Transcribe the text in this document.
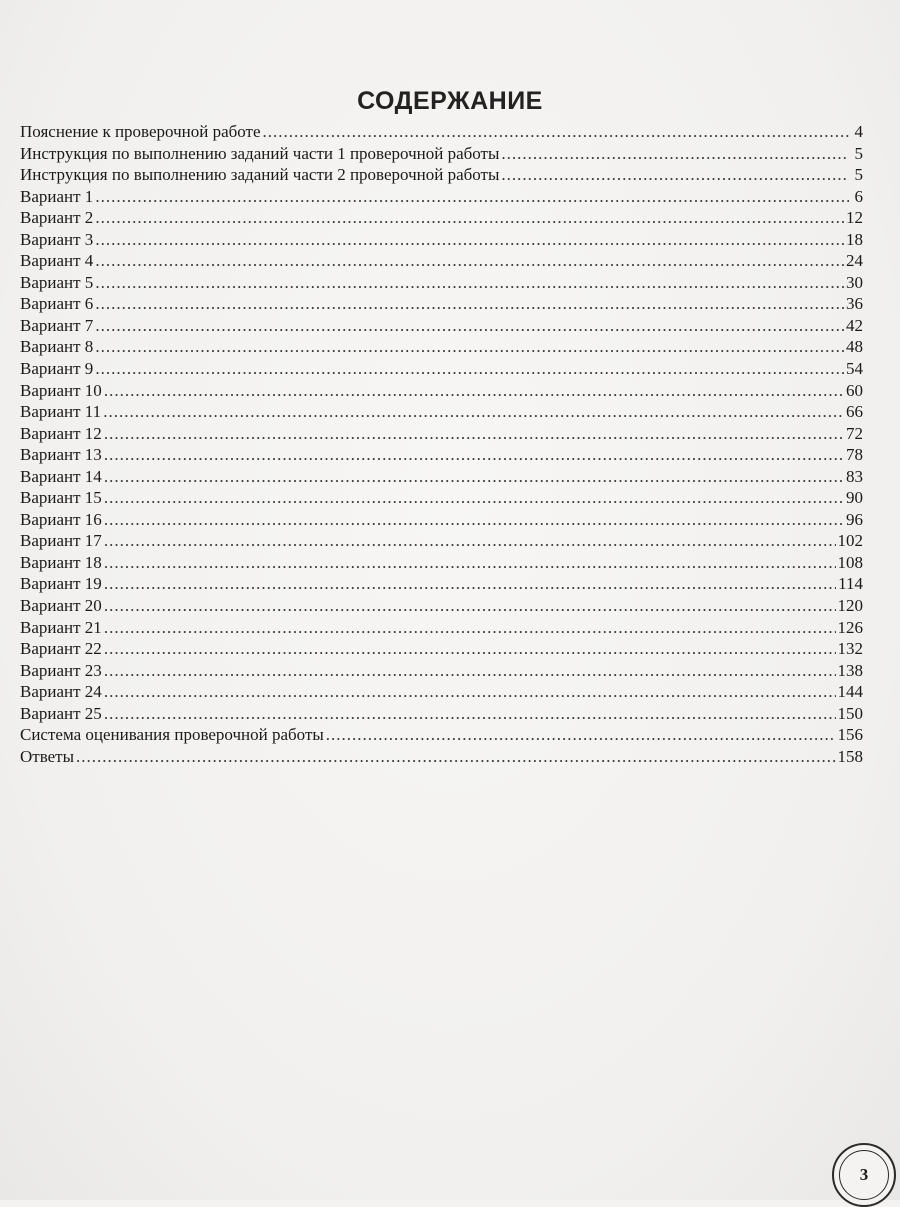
СОДЕРЖАНИЕ
Пояснение к проверочной работе .....	4
Инструкция по выполнению заданий части 1 проверочной работы .....	5
Инструкция по выполнению заданий части 2 проверочной работы .....	5
Вариант 1 .....	6
Вариант 2 .....	12
Вариант 3 .....	18
Вариант 4 .....	24
Вариант 5 .....	30
Вариант 6 .....	36
Вариант 7 .....	42
Вариант 8 .....	48
Вариант 9 .....	54
Вариант 10 .....	60
Вариант 11 .....	66
Вариант 12 .....	72
Вариант 13 .....	78
Вариант 14 .....	83
Вариант 15 .....	90
Вариант 16 .....	96
Вариант 17 .....	102
Вариант 18 .....	108
Вариант 19 .....	114
Вариант 20 .....	120
Вариант 21 .....	126
Вариант 22 .....	132
Вариант 23 .....	138
Вариант 24 .....	144
Вариант 25 .....	150
Система оценивания проверочной работы .....	156
Ответы .....	158
3
